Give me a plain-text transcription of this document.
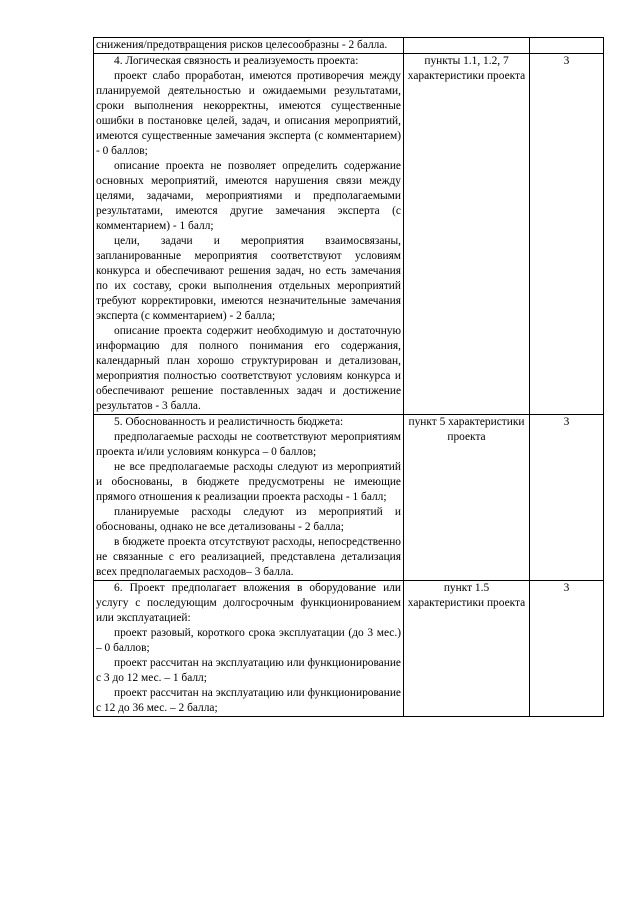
снижения/предотвращения рисков целесообразны - 2 балла.		

4. Логическая связность и реализуемость проекта:

проект слабо проработан, имеются противоречия между планируемой деятельностью и ожидаемыми результатами, сроки выполнения некорректны, имеются существенные ошибки в постановке целей, задач, и описания мероприятий, имеются существенные замечания эксперта (с комментарием) - 0 баллов;

описание проекта не позволяет определить содержание основных мероприятий, имеются нарушения связи между целями, задачами, мероприятиями и предполагаемыми результатами, имеются другие замечания эксперта (с комментарием) - 1 балл;

цели, задачи и мероприятия взаимосвязаны, запланированные мероприятия соответствуют условиям конкурса и обеспечивают решения задач, но есть замечания по их составу, сроки выполнения отдельных мероприятий требуют корректировки, имеются незначительные замечания эксперта (с комментарием) - 2 балла;

описание проекта содержит необходимую и достаточную информацию для полного понимания его содержания, календарный план хорошо структурирован и детализован, мероприятия полностью соответствуют условиям конкурса и обеспечивают решение поставленных задач и достижение результатов - 3 балла.	пункты 1.1, 1.2, 7 характеристики проекта	3

5. Обоснованность и реалистичность бюджета:

предполагаемые расходы не соответствуют мероприятиям проекта и/или условиям конкурса – 0 баллов;

не все предполагаемые расходы следуют из мероприятий и обоснованы, в бюджете предусмотрены не имеющие прямого отношения к реализации проекта расходы - 1 балл;

планируемые расходы следуют из мероприятий и обоснованы, однако не все детализованы - 2 балла;

в бюджете проекта отсутствуют расходы, непосредственно не связанные с его реализацией, представлена детализация всех предполагаемых расходов– 3 балла.	пункт 5 характеристики проекта	3

6. Проект предполагает вложения в оборудование или услугу с последующим долгосрочным функционированием или эксплуатацией:

проект разовый, короткого срока эксплуатации (до 3 мес.) – 0 баллов;

проект рассчитан на эксплуатацию или функционирование с 3 до 12 мес. – 1 балл;

проект рассчитан на эксплуатацию или функционирование с 12 до 36 мес. – 2 балла;	пункт 1.5 характеристики проекта	3
